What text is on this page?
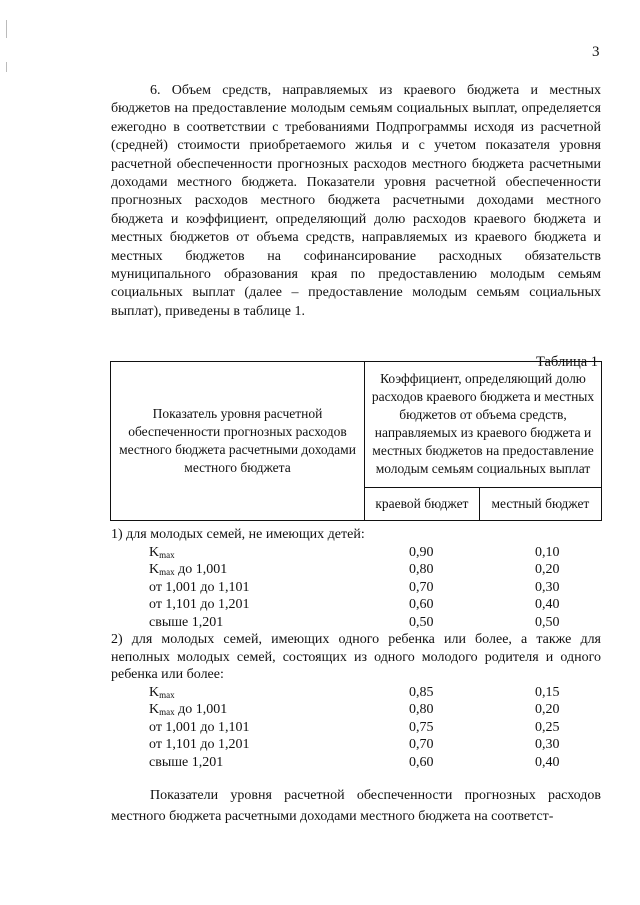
3

6. Объем средств, направляемых из краевого бюджета и местных бюджетов на предоставление молодым семьям социальных выплат, определяется ежегодно в соответствии с требованиями Подпрограммы исходя из расчетной (средней) стоимости приобретаемого жилья и с учетом показателя уровня расчетной обеспеченности прогнозных расходов местного бюджета расчетными доходами местного бюджета. Показатели уровня расчетной обеспеченности прогнозных расходов местного бюджета расчетными доходами местного бюджета и коэффициент, определяющий долю расходов краевого бюджета и местных бюджетов от объема средств, направляемых из краевого бюджета и местных бюджетов на софинансирование расходных обязательств муниципального образования края по предоставлению молодым семьям социальных выплат (далее – предоставление молодым семьям социальных выплат), приведены в таблице 1.

Таблица 1
Показатель уровня расчетной обеспеченности прогнозных расходов местного бюджета расчетными доходами местного бюджета	Коэффициент, определяющий долю расходов краевого бюджета и местных бюджетов от объема средств, направляемых из краевого бюджета и местных бюджетов на предоставление молодым семьям социальных выплат	
	краевой бюджет	местный бюджет

1) для молодых семей, не имеющих детей:

$K_{max}$	0,90	0,10
$K_{max}$ до 1,001	0,80	0,20
от 1,001 до 1,101	0,70	0,30
от 1,101 до 1,201	0,60	0,40
свыше 1,201	0,50	0,50

2) для молодых семей, имеющих одного ребенка или более, а также для неполных молодых семей, состоящих из одного молодого родителя и одного ребенка или более:

$K_{max}$	0,85	0,15
$K_{max}$ до 1,001	0,80	0,20
от 1,001 до 1,101	0,75	0,25
от 1,101 до 1,201	0,70	0,30
свыше 1,201	0,60	0,40

Показатели уровня расчетной обеспеченности прогнозных расходов местного бюджета расчетными доходами местного бюджета на соответст-
